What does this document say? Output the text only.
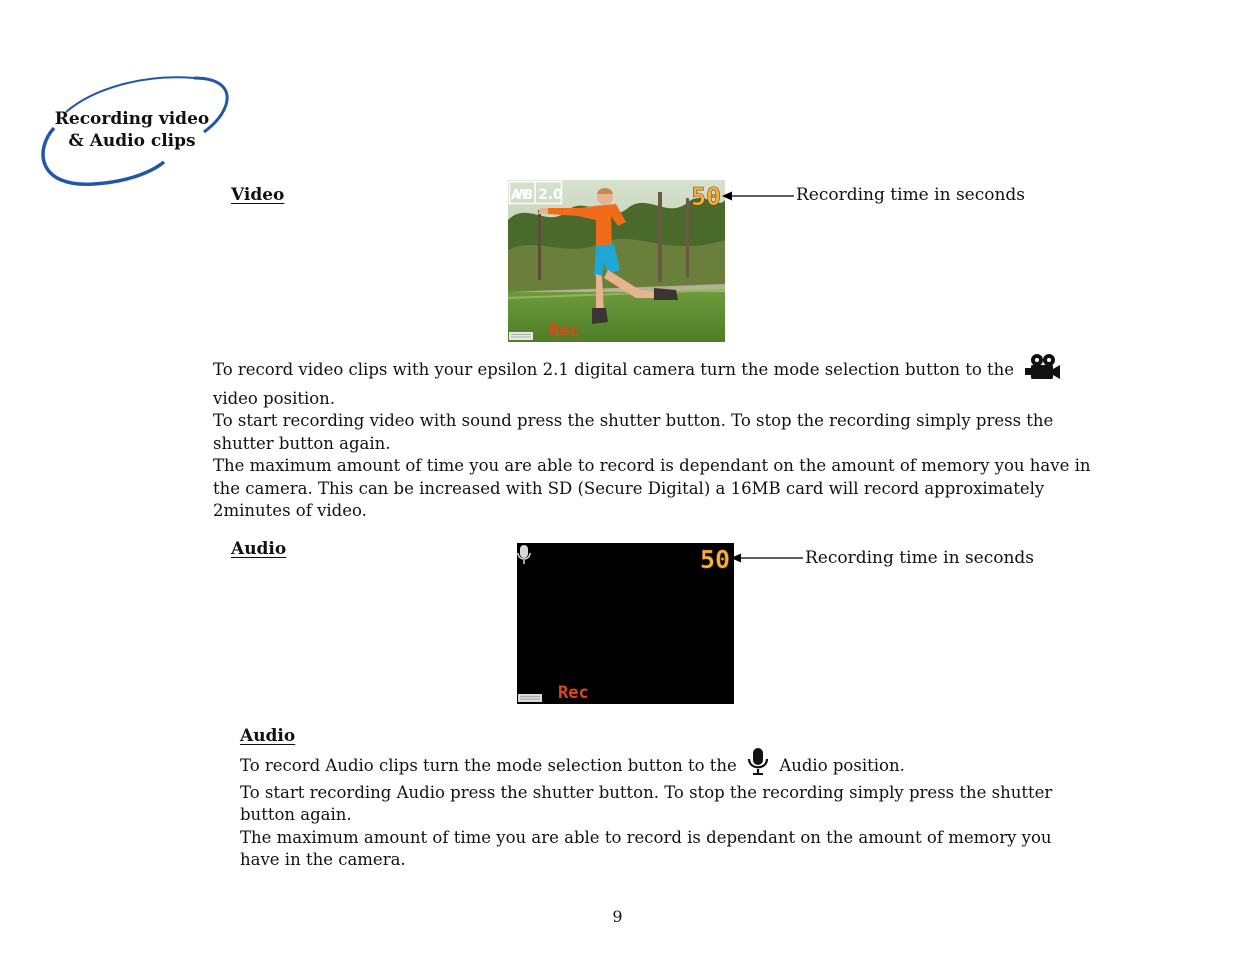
Recording video
& Audio clips
Video	AWB 2.0	50
Rec
Recording time in seconds

To record video clips with your epsilon 2.1 digital camera turn the mode selection button to the  video position.

To start recording video with sound press the shutter button. To stop the recording simply press the shutter button again.

The maximum amount of time you are able to record is dependant on the amount of memory you have in the camera. This can be increased with SD (Secure Digital) a 16MB card will record approximately

2minutes of video.

Audio	50
Rec
Recording time in seconds

Audio

To record Audio clips turn the mode selection button to the	Audio position.

To start recording Audio press the shutter button. To stop the recording simply press the shutter button again.

The maximum amount of time you are able to record is dependant on the amount of memory you have in the camera.

9
